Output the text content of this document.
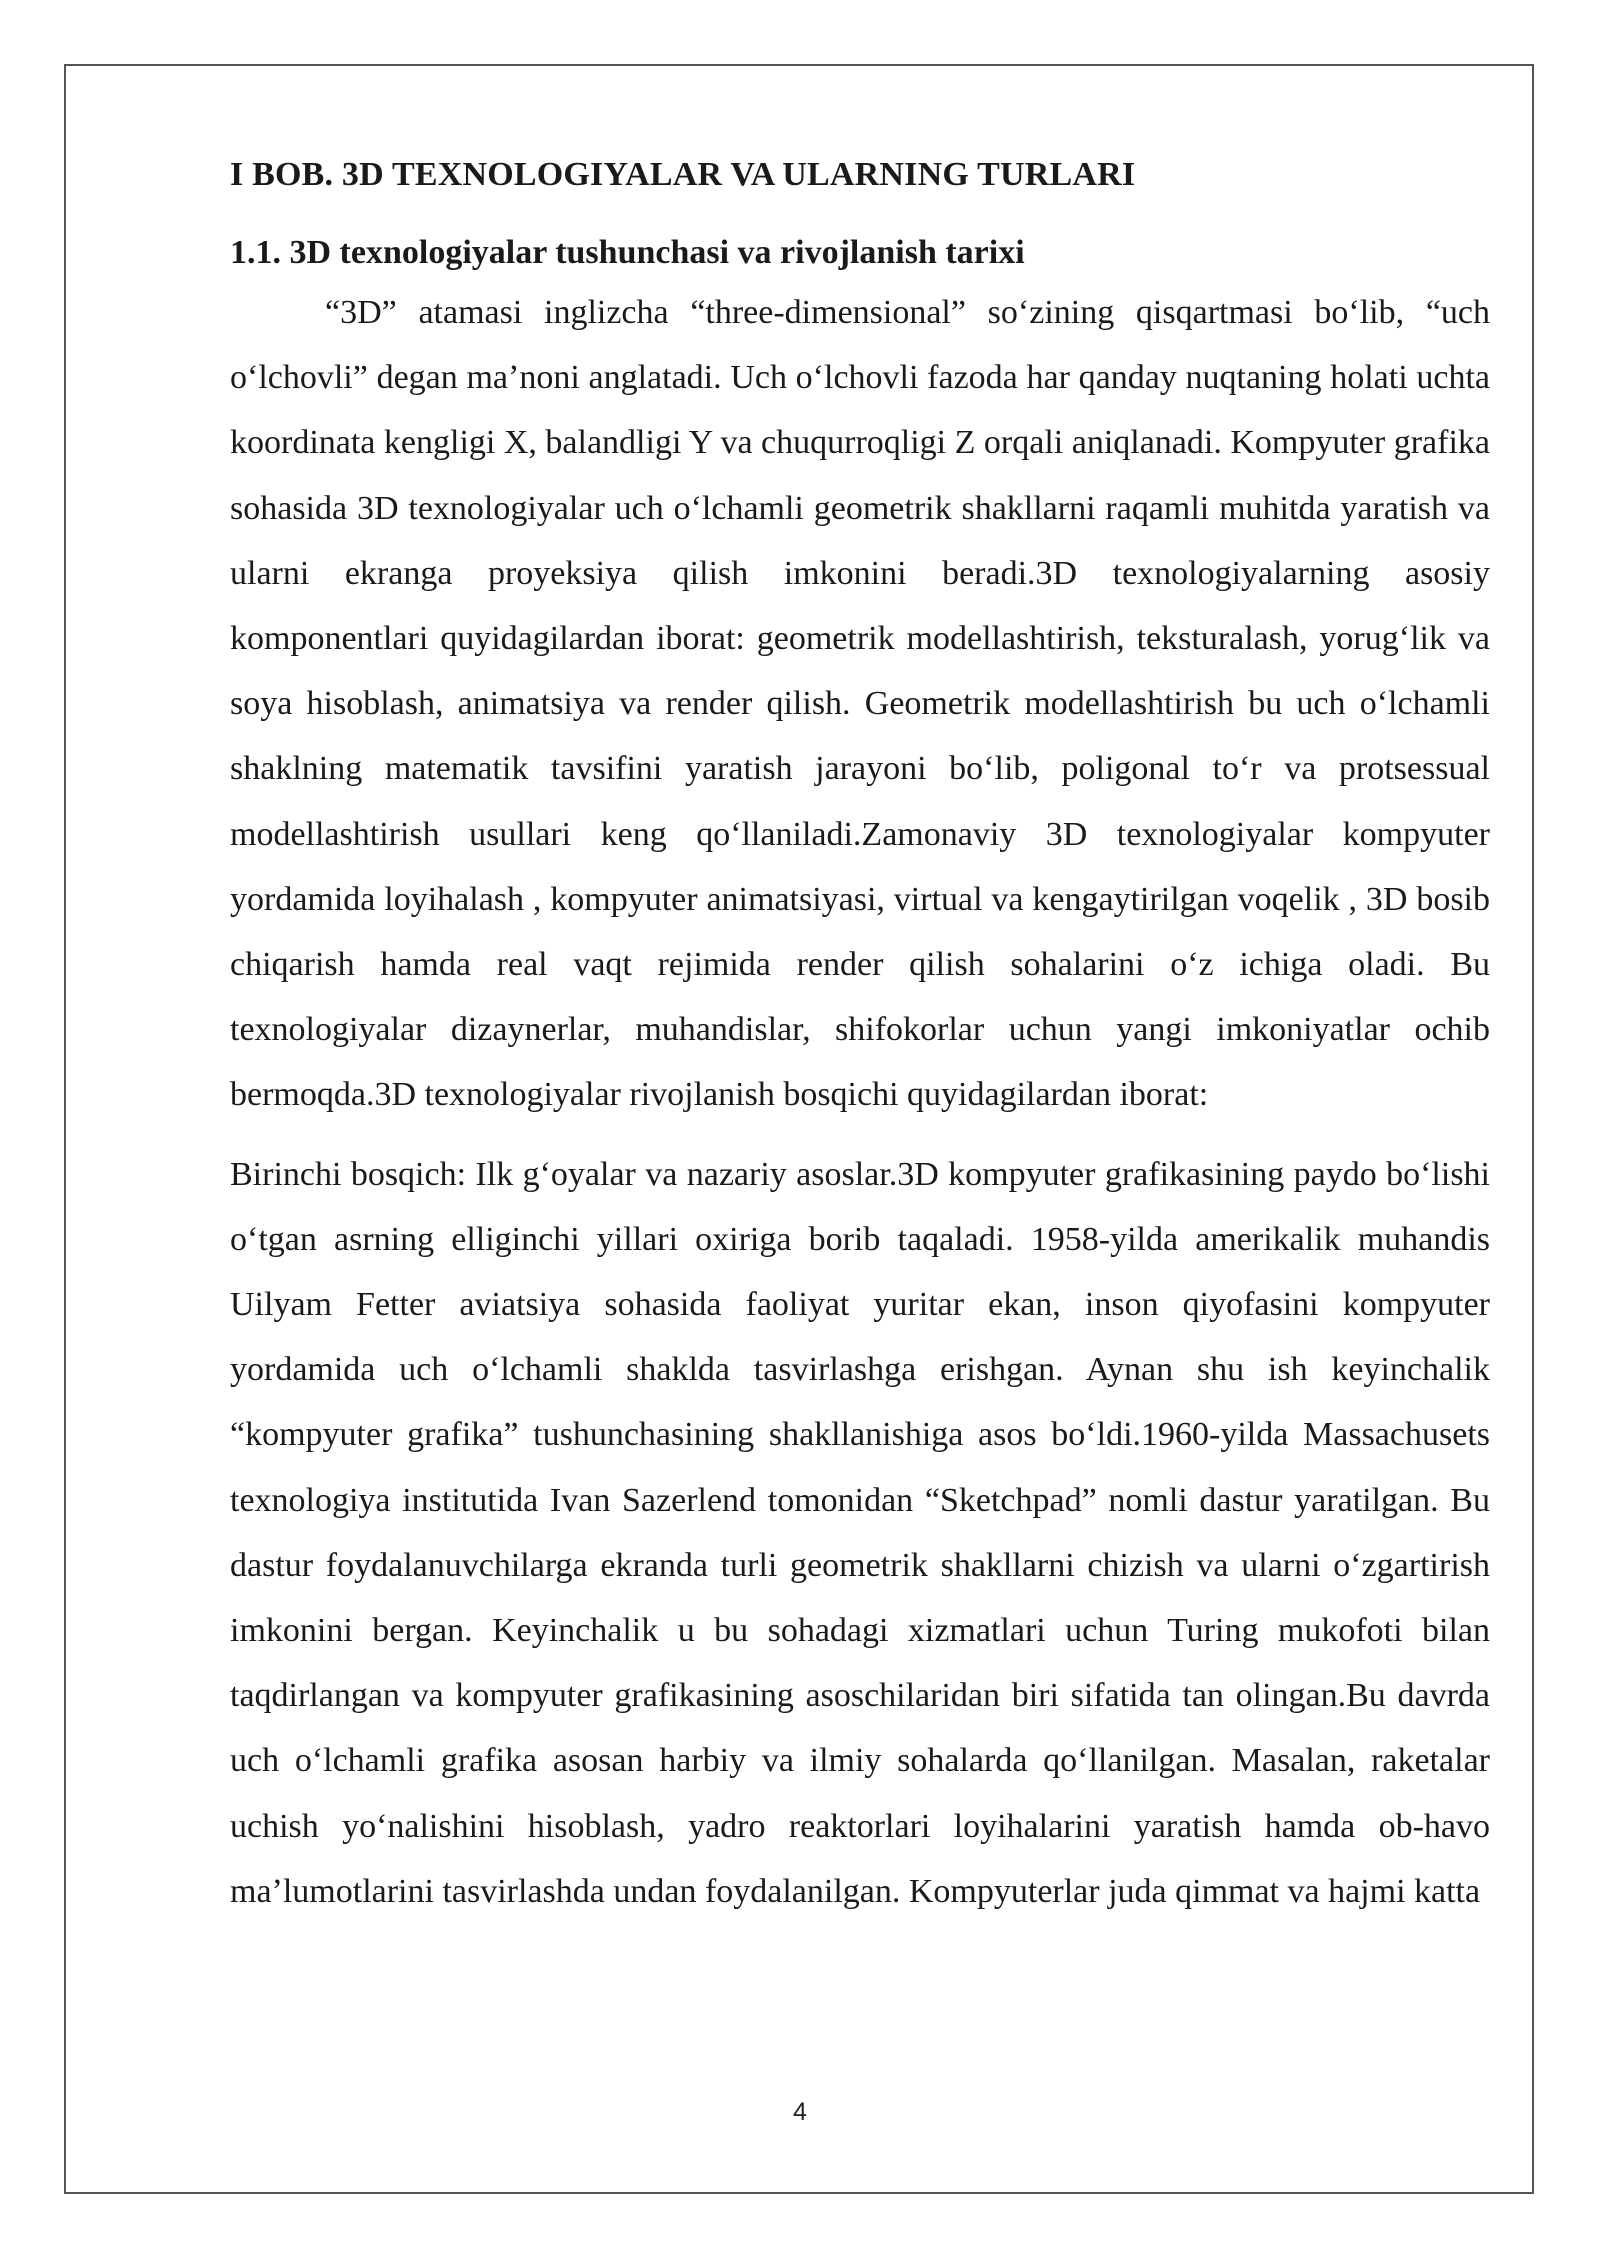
I BOB. 3D TEXNOLOGIYALAR VA ULARNING TURLARI
1.1. 3D texnologiyalar tushunchasi va rivojlanish tarixi

“3D” atamasi inglizcha “three-dimensional” soʻzining qisqartmasi boʻlib, “uch oʻlchovli” degan maʼnoni anglatadi. Uch oʻlchovli fazoda har qanday nuqtaning holati uchta koordinata kengligi X, balandligi Y va chuqurroqligi Z orqali aniqlanadi. Kompyuter grafika sohasida 3D texnologiyalar uch oʻlchamli geometrik shakllarni raqamli muhitda yaratish va ularni ekranga proyeksiya qilish imkonini beradi.3D texnologiyalarning asosiy komponentlari quyidagilardan iborat: geometrik modellashtirish, teksturalash, yorugʻlik va soya hisoblash, animatsiya va render qilish. Geometrik modellashtirish bu uch oʻlchamli shaklning matematik tavsifini yaratish jarayoni boʻlib, poligonal toʻr va protsessual modellashtirish usullari keng qoʻllaniladi.Zamonaviy 3D texnologiyalar kompyuter yordamida loyihalash , kompyuter animatsiyasi, virtual va kengaytirilgan voqelik , 3D bosib chiqarish hamda real vaqt rejimida render qilish sohalarini oʻz ichiga oladi. Bu texnologiyalar dizaynerlar, muhandislar, shifokorlar uchun yangi imkoniyatlar ochib bermoqda.3D texnologiyalar rivojlanish bosqichi quyidagilardan iborat:

Birinchi bosqich: Ilk gʻoyalar va nazariy asoslar.3D kompyuter grafikasining paydo boʻlishi oʻtgan asrning elliginchi yillari oxiriga borib taqaladi. 1958-yilda amerikalik muhandis Uilyam Fetter aviatsiya sohasida faoliyat yuritar ekan, inson qiyofasini kompyuter yordamida uch oʻlchamli shaklda tasvirlashga erishgan. Aynan shu ish keyinchalik “kompyuter grafika” tushunchasining shakllanishiga asos boʻldi.1960-yilda Massachusets texnologiya institutida Ivan Sazerlend tomonidan “Sketchpad” nomli dastur yaratilgan. Bu dastur foydalanuvchilarga ekranda turli geometrik shakllarni chizish va ularni oʻzgartirish imkonini bergan. Keyinchalik u bu sohadagi xizmatlari uchun Turing mukofoti bilan taqdirlangan va kompyuter grafikasining asoschilaridan biri sifatida tan olingan.Bu davrda uch oʻlchamli grafika asosan harbiy va ilmiy sohalarda qoʻllanilgan. Masalan, raketalar uchish yoʻnalishini hisoblash, yadro reaktorlari loyihalarini yaratish hamda ob-havo maʼlumotlarini tasvirlashda undan foydalanilgan. Kompyuterlar juda qimmat va hajmi katta

4
